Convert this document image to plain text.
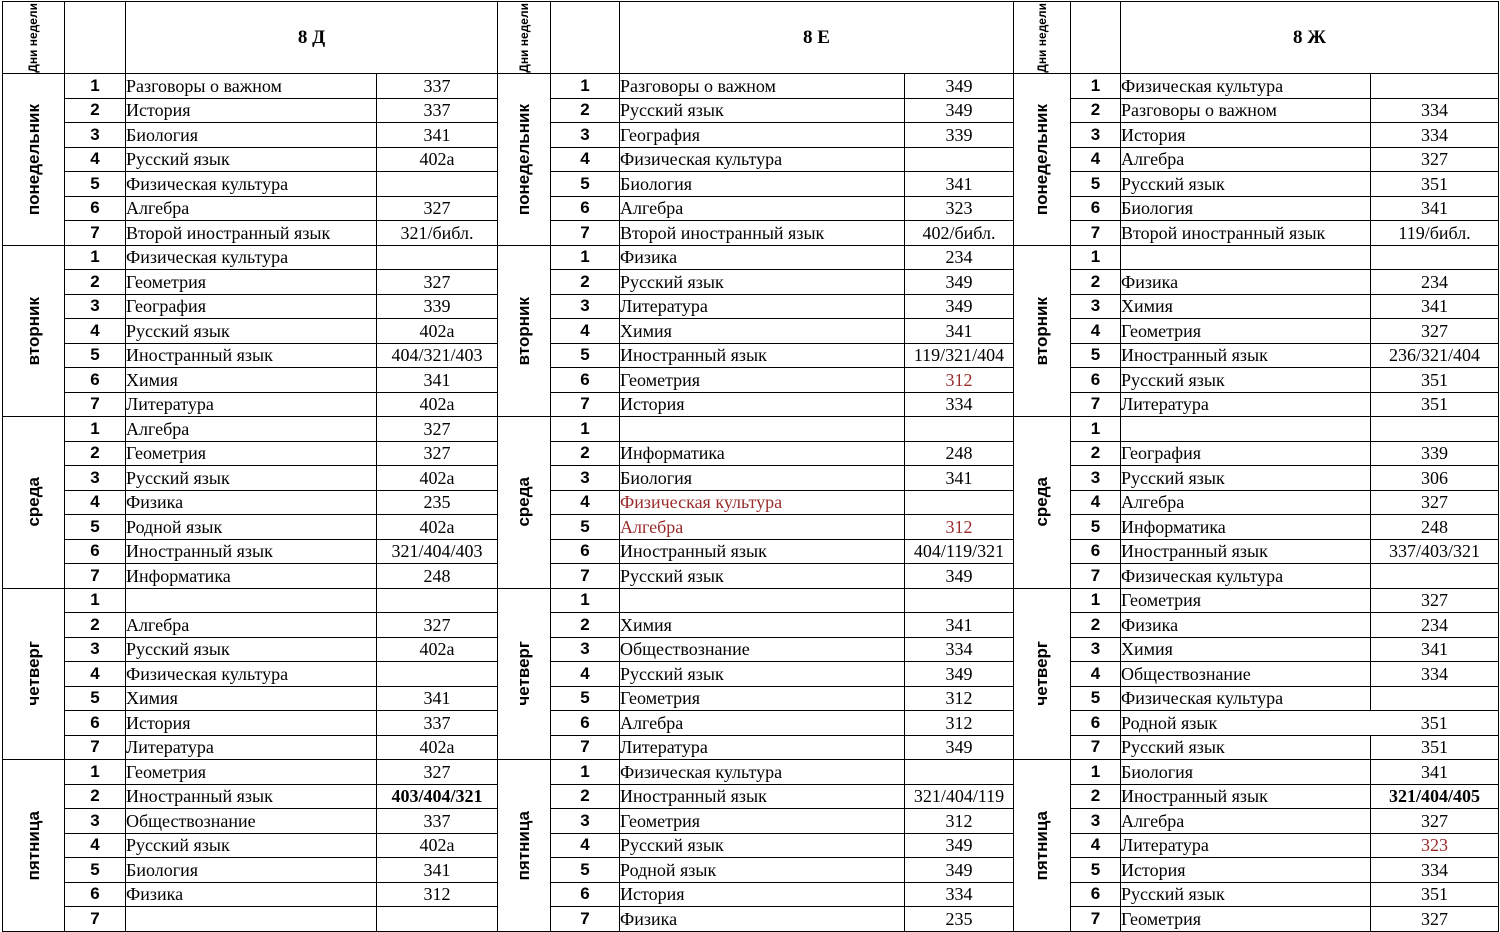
Дни недели		8 Д		Дни недели		8 Е		Дни недели		8 Ж	

понедельник	1	Разговоры о важном	337	понедельник	1	Разговоры о важном	349	понедельник	1	Физическая культура	
	2	История	337		2	Русский язык	349		2	Разговоры о важном	334
	3	Биология	341		3	География	339		3	История	334
	4	Русский язык	402а		4	Физическая культура			4	Алгебра	327
	5	Физическая культура			5	Биология	341		5	Русский язык	351
	6	Алгебра	327		6	Алгебра	323		6	Биология	341
	7	Второй иностранный язык	321/библ.		7	Второй иностранный язык	402/библ.		7	Второй иностранный язык	119/библ.

вторник	1	Физическая культура		вторник	1	Физика	234	вторник	1		
	2	Геометрия	327		2	Русский язык	349		2	Физика	234
	3	География	339		3	Литература	349		3	Химия	341
	4	Русский язык	402а		4	Химия	341		4	Геометрия	327
	5	Иностранный язык	404/321/403		5	Иностранный язык	119/321/404		5	Иностранный язык	236/321/404
	6	Химия	341		6	Геометрия	312		6	Русский язык	351
	7	Литература	402а		7	История	334		7	Литература	351

среда	1	Алгебра	327	среда	1			среда	1		
	2	Геометрия	327		2	Информатика	248		2	География	339
	3	Русский язык	402а		3	Биология	341		3	Русский язык	306
	4	Физика	235		4	Физическая культура			4	Алгебра	327
	5	Родной язык	402а		5	Алгебра	312		5	Информатика	248
	6	Иностранный язык	321/404/403		6	Иностранный язык	404/119/321		6	Иностранный язык	337/403/321
	7	Информатика	248		7	Русский язык	349		7	Физическая культура	

четверг	1			четверг	1			четверг	1	Геометрия	327
	2	Алгебра	327		2	Химия	341		2	Физика	234
	3	Русский язык	402а		3	Обществознание	334		3	Химия	341
	4	Физическая культура			4	Русский язык	349		4	Обществознание	334
	5	Химия	341		5	Геометрия	312		5	Физическая культура	
	6	История	337		6	Алгебра	312		6	Родной язык	351
	7	Литература	402а		7	Литература	349		7	Русский язык	351

пятница	1	Геометрия	327	пятница	1	Физическая культура		пятница	1	Биология	341
	2	Иностранный язык	403/404/321		2	Иностранный язык	321/404/119		2	Иностранный язык	321/404/405
	3	Обществознание	337		3	Геометрия	312		3	Алгебра	327
	4	Русский язык	402а		4	Русский язык	349		4	Литература	323
	5	Биология	341		5	Родной язык	349		5	История	334
	6	Физика	312		6	История	334		6	Русский язык	351
	7				7	Физика	235		7	Геометрия	327
